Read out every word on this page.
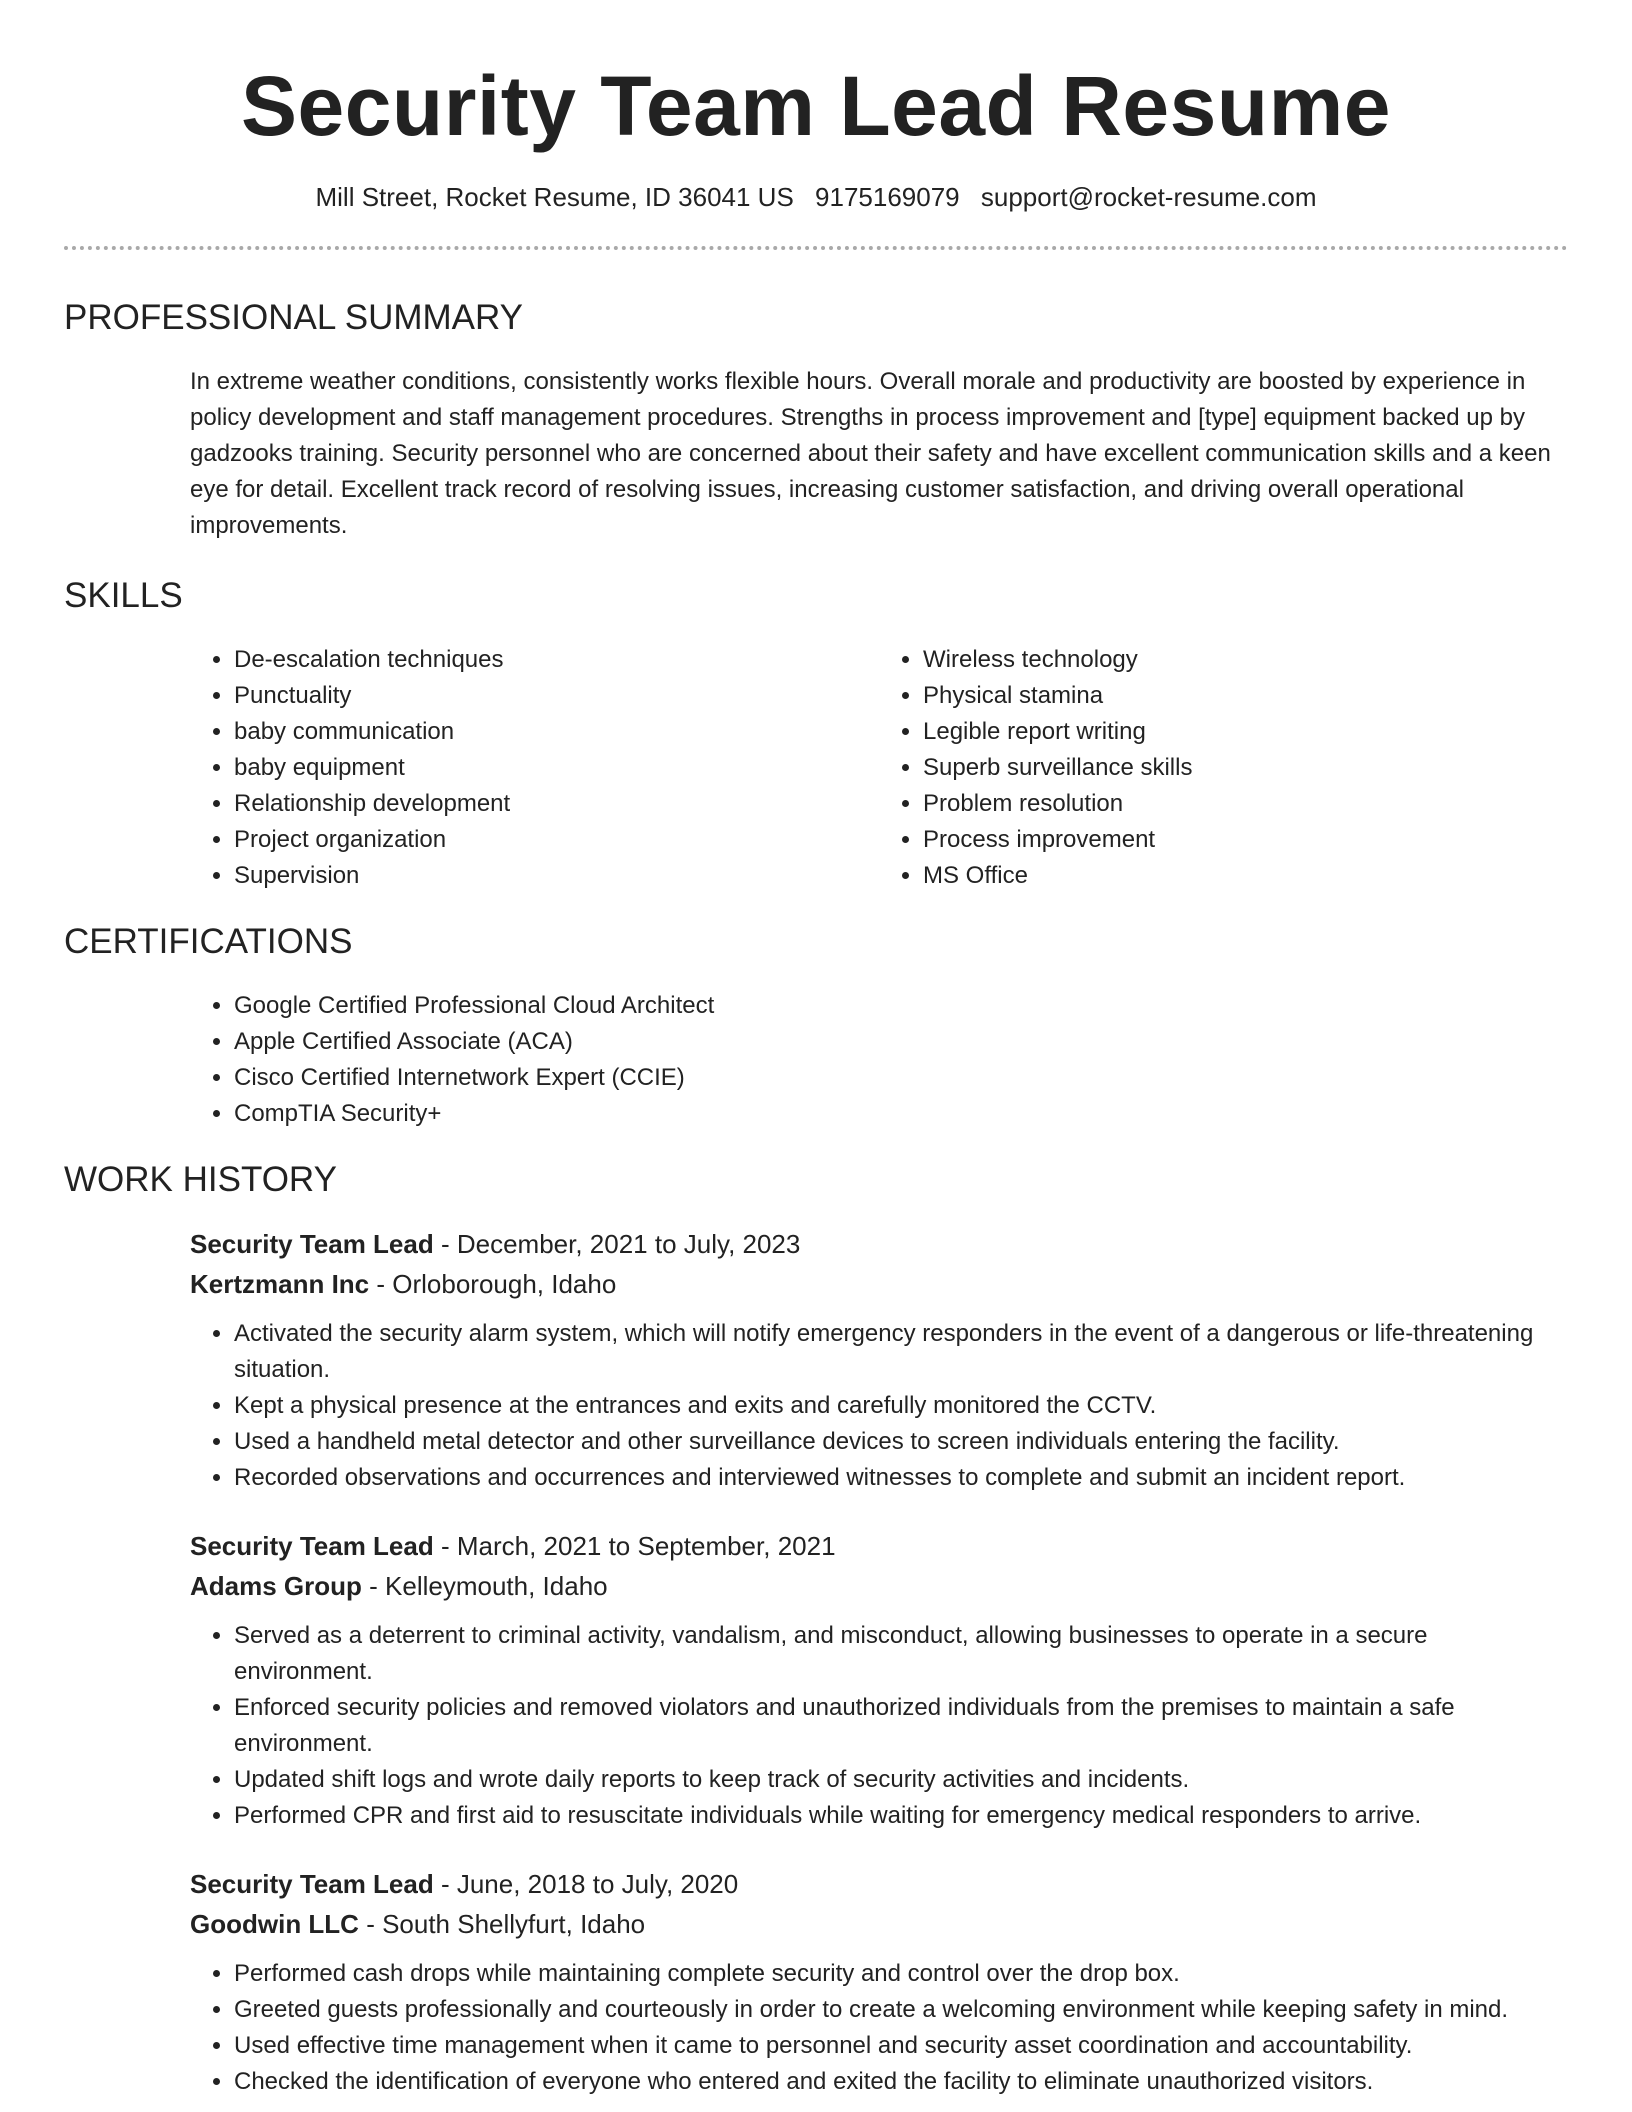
Security Team Lead Resume
Mill Street, Rocket Resume, ID 36041 US 9175169079 support@rocket-resume.com
PROFESSIONAL SUMMARY

In extreme weather conditions, consistently works flexible hours. Overall morale and productivity are boosted by experience in policy development and staff management procedures. Strengths in process improvement and [type] equipment backed up by gadzooks training. Security personnel who are concerned about their safety and have excellent communication skills and a keen eye for detail. Excellent track record of resolving issues, increasing customer satisfaction, and driving overall operational improvements.

SKILLS
• De-escalation techniques
• Punctuality
• baby communication
• baby equipment
• Relationship development
• Project organization
• Supervision
• Wireless technology
• Physical stamina
• Legible report writing
• Superb surveillance skills
• Problem resolution
• Process improvement
• MS Office
CERTIFICATIONS
• Google Certified Professional Cloud Architect
• Apple Certified Associate (ACA)
• Cisco Certified Internetwork Expert (CCIE)
• CompTIA Security+
WORK HISTORY
Security Team Lead - December, 2021 to July, 2023
Kertzmann Inc - Orloborough, Idaho
• Activated the security alarm system, which will notify emergency responders in the event of a dangerous or life-threatening situation.
• Kept a physical presence at the entrances and exits and carefully monitored the CCTV.
• Used a handheld metal detector and other surveillance devices to screen individuals entering the facility.
• Recorded observations and occurrences and interviewed witnesses to complete and submit an incident report.
Security Team Lead - March, 2021 to September, 2021
Adams Group - Kelleymouth, Idaho
• Served as a deterrent to criminal activity, vandalism, and misconduct, allowing businesses to operate in a secure environment.
• Enforced security policies and removed violators and unauthorized individuals from the premises to maintain a safe environment.
• Updated shift logs and wrote daily reports to keep track of security activities and incidents.
• Performed CPR and first aid to resuscitate individuals while waiting for emergency medical responders to arrive.
Security Team Lead - June, 2018 to July, 2020
Goodwin LLC - South Shellyfurt, Idaho
• Performed cash drops while maintaining complete security and control over the drop box.
• Greeted guests professionally and courteously in order to create a welcoming environment while keeping safety in mind.
• Used effective time management when it came to personnel and security asset coordination and accountability.
• Checked the identification of everyone who entered and exited the facility to eliminate unauthorized visitors.
